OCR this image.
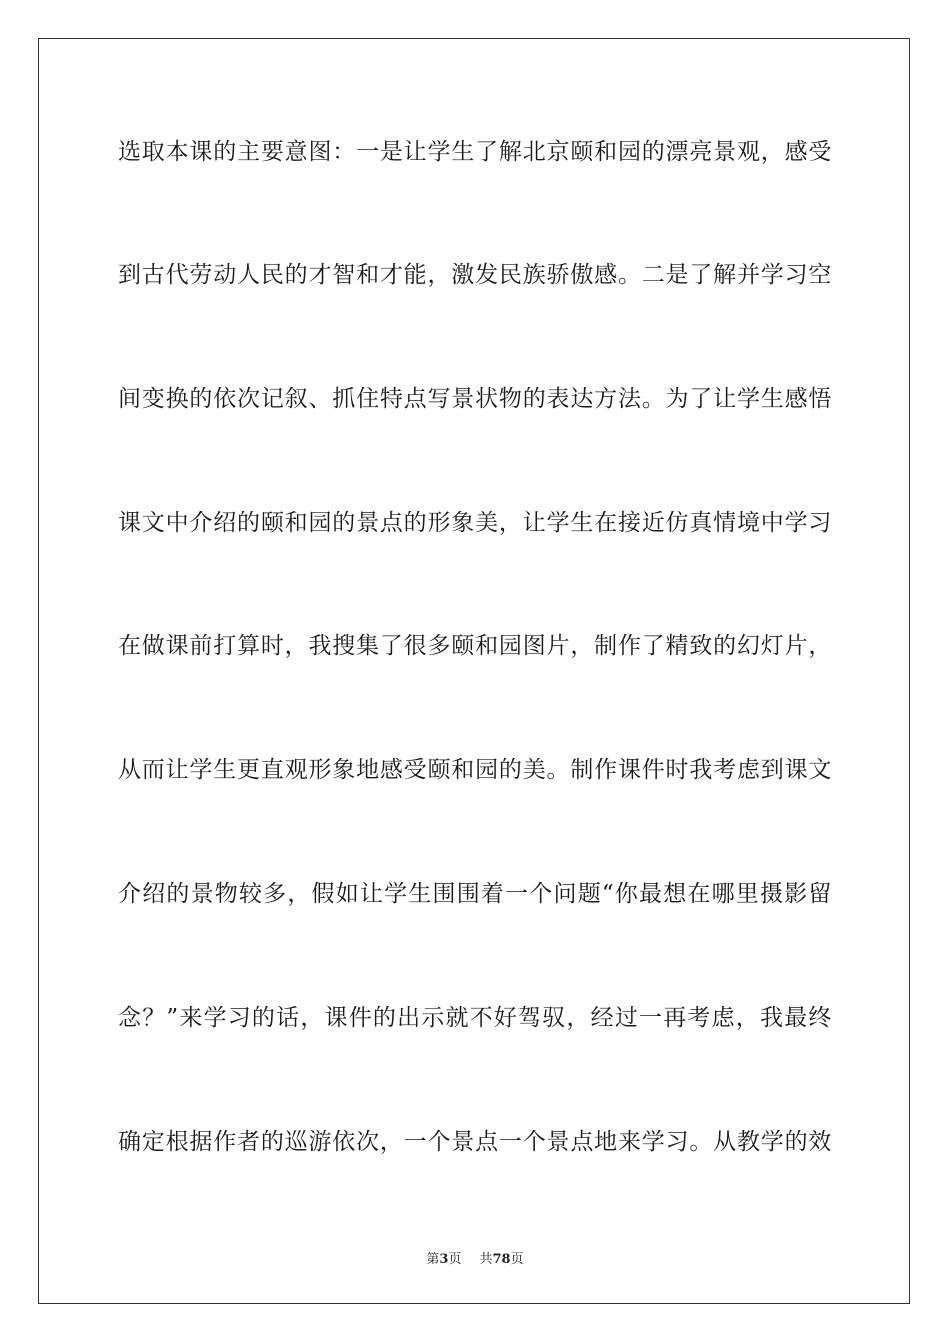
选取本课的主要意图：一是让学生了解北京颐和园的漂亮景观，感受
到古代劳动人民的才智和才能，激发民族骄傲感。二是了解并学习空
间变换的依次记叙、抓住特点写景状物的表达方法。为了让学生感悟
课文中介绍的颐和园的景点的形象美，让学生在接近仿真情境中学习
在做课前打算时，我搜集了很多颐和园图片，制作了精致的幻灯片，
从而让学生更直观形象地感受颐和园的美。制作课件时我考虑到课文
介绍的景物较多，假如让学生围围着一个问题“你最想在哪里摄影留
念？”来学习的话，课件的出示就不好驾驭，经过一再考虑，我最终
确定根据作者的巡游依次，一个景点一个景点地来学习。从教学的效
第3页 共78页
